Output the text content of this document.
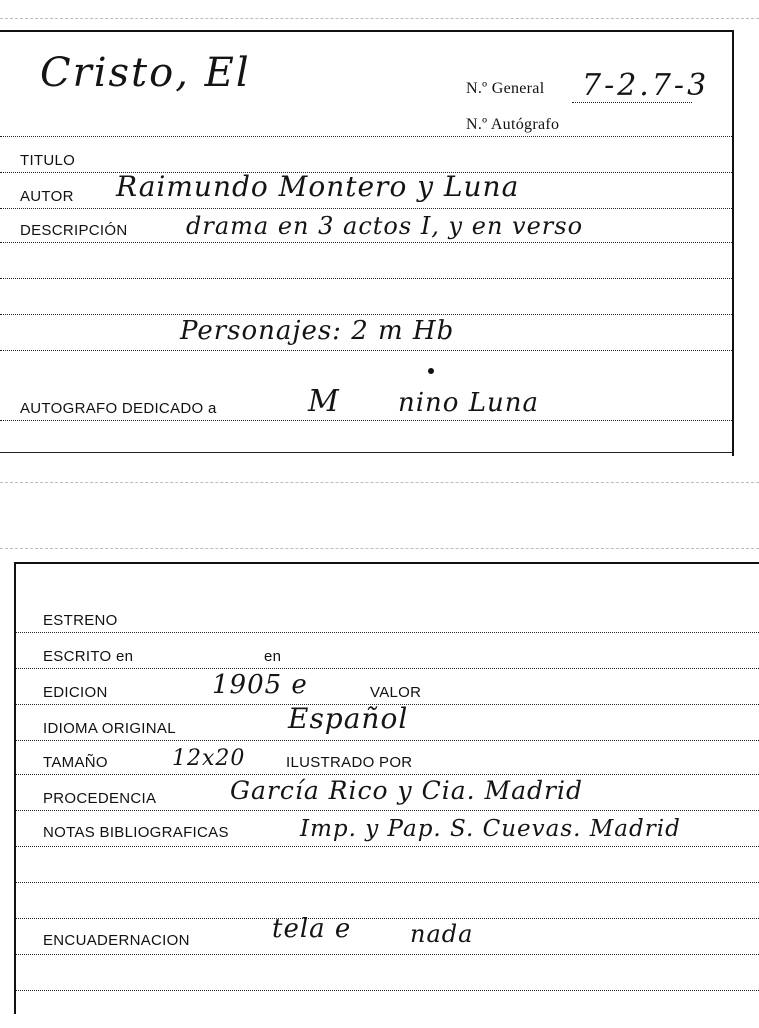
Cristo, El	N.º General 7-2.7-3
N.º Autógrafo
TITULO
AUTOR Raimundo Montero y Luna
DESCRIPCIÓN drama en 3 actos I, y en verso
Personajes: 2 m Hb
AUTOGRAFO DEDICADO a	M nino Luna
ESTRENO
ESCRITO en	en
EDICION	1905 e	VALOR
IDIOMA ORIGINAL	Español
TAMAÑO	12x20	ILUSTRADO POR
PROCEDENCIA	García Rico y Cia. Madrid
NOTAS BIBLIOGRAFICAS	Imp. y Pap. S. Cuevas. Madrid
ENCUADERNACION	tela e nada
